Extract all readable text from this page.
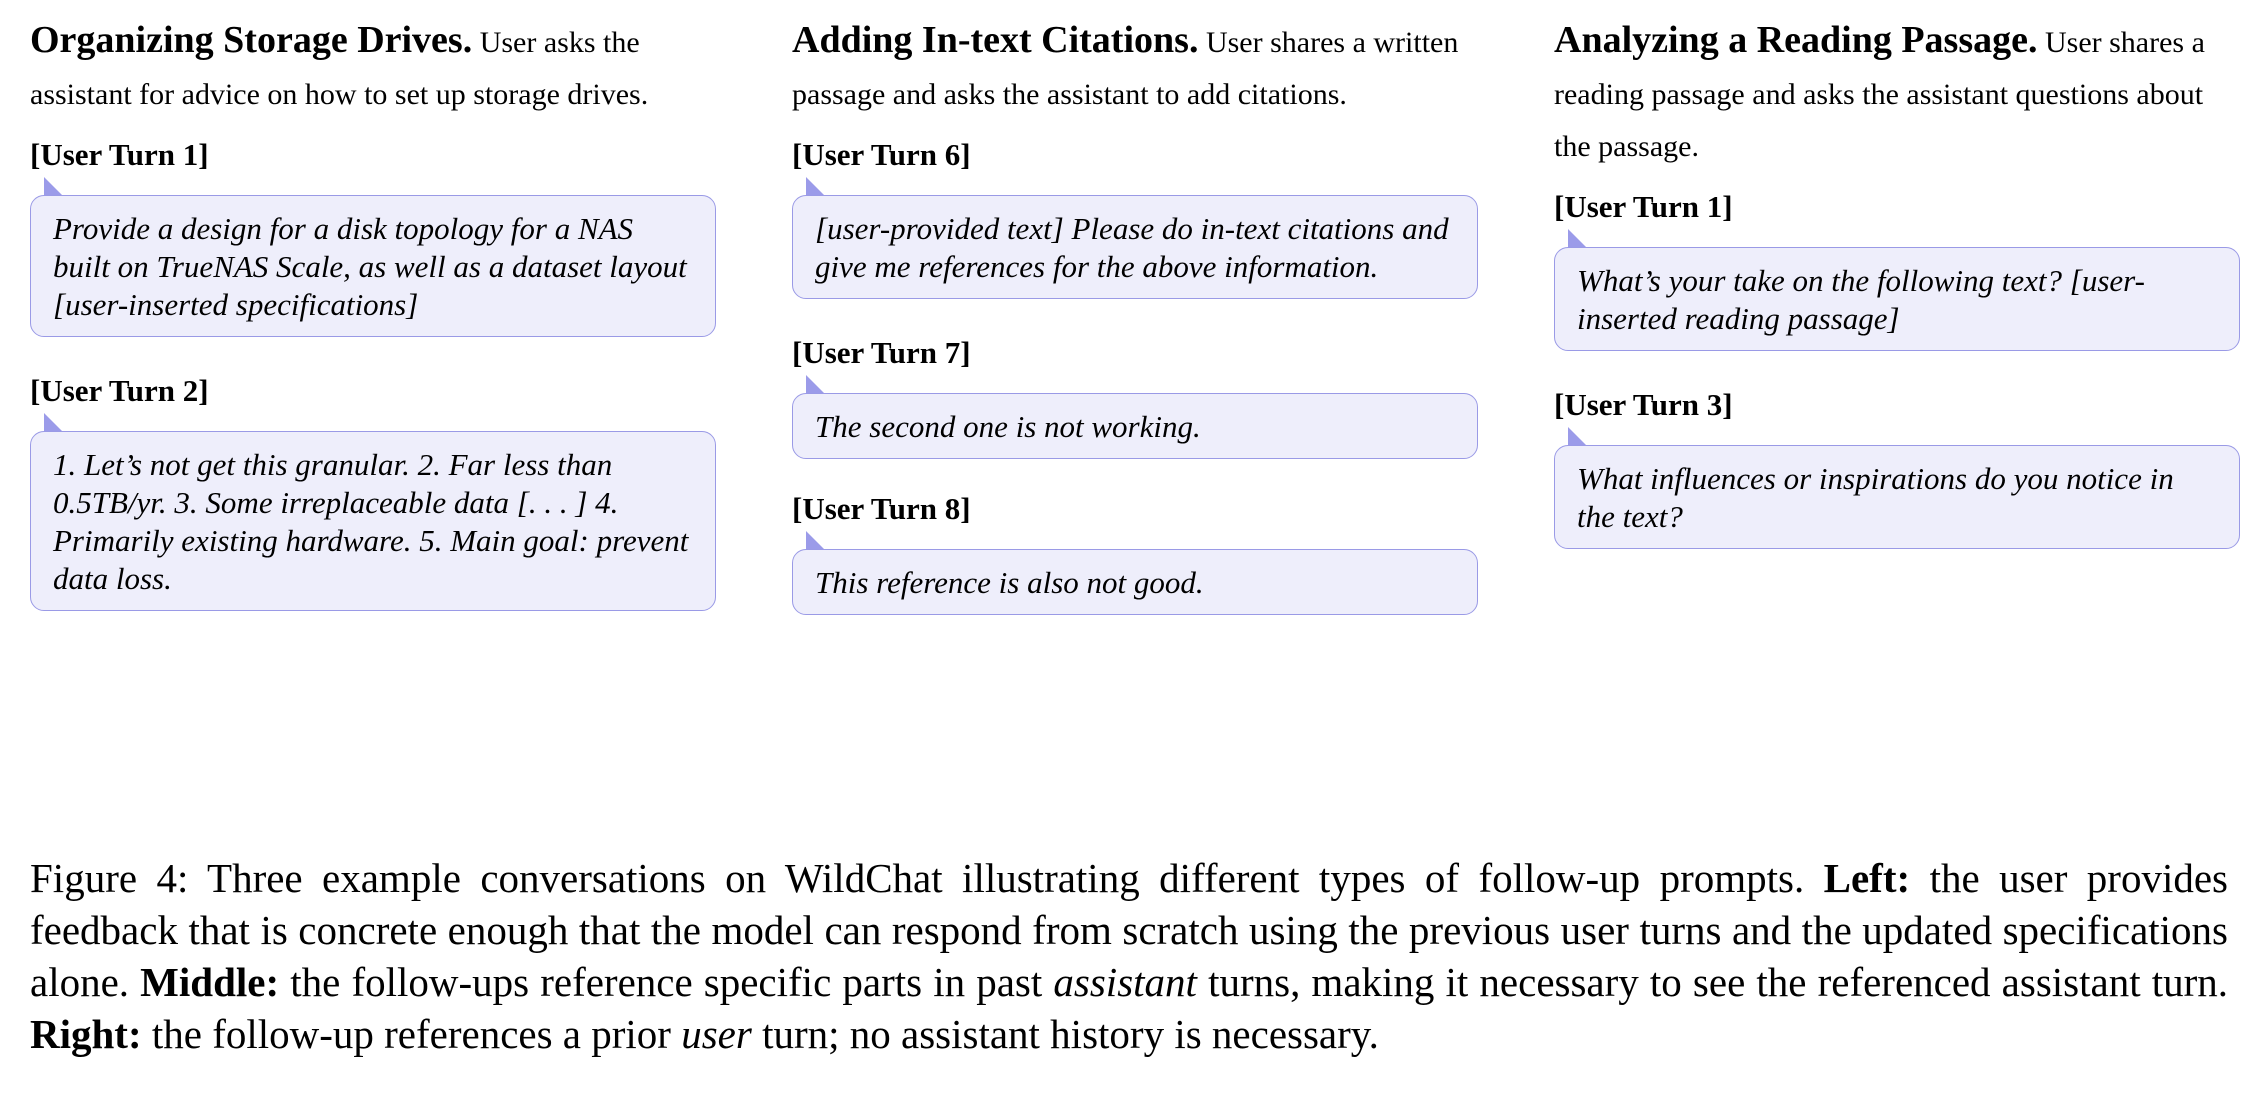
Organizing Storage Drives. User asks the assistant for advice on how to set up storage drives.

[User Turn 1]
Provide a design for a disk topology for a NAS built on TrueNAS Scale, as well as a dataset layout [user-inserted specifications]
[User Turn 2]
1. Let’s not get this granular. 2. Far less than 0.5TB/yr. 3. Some irreplaceable data [. . . ] 4. Primarily existing hardware. 5. Main goal: prevent data loss.

Adding In-text Citations. User shares a written passage and asks the assistant to add citations.

[User Turn 6]
[user-provided text] Please do in-text citations and give me references for the above information.
[User Turn 7]
The second one is not working.
[User Turn 8]
This reference is also not good.

Analyzing a Reading Passage. User shares a reading passage and asks the assistant questions about the passage.

[User Turn 1]
What’s your take on the following text? [user-inserted reading passage]
[User Turn 3]
What influences or inspirations do you notice in the text?

Figure 4: Three example conversations on WildChat illustrating different types of follow-up prompts. Left: the user provides feedback that is concrete enough that the model can respond from scratch using the previous user turns and the updated specifications alone. Middle: the follow-ups reference specific parts in past assistant turns, making it necessary to see the referenced assistant turn. Right: the follow-up references a prior user turn; no assistant history is necessary.
